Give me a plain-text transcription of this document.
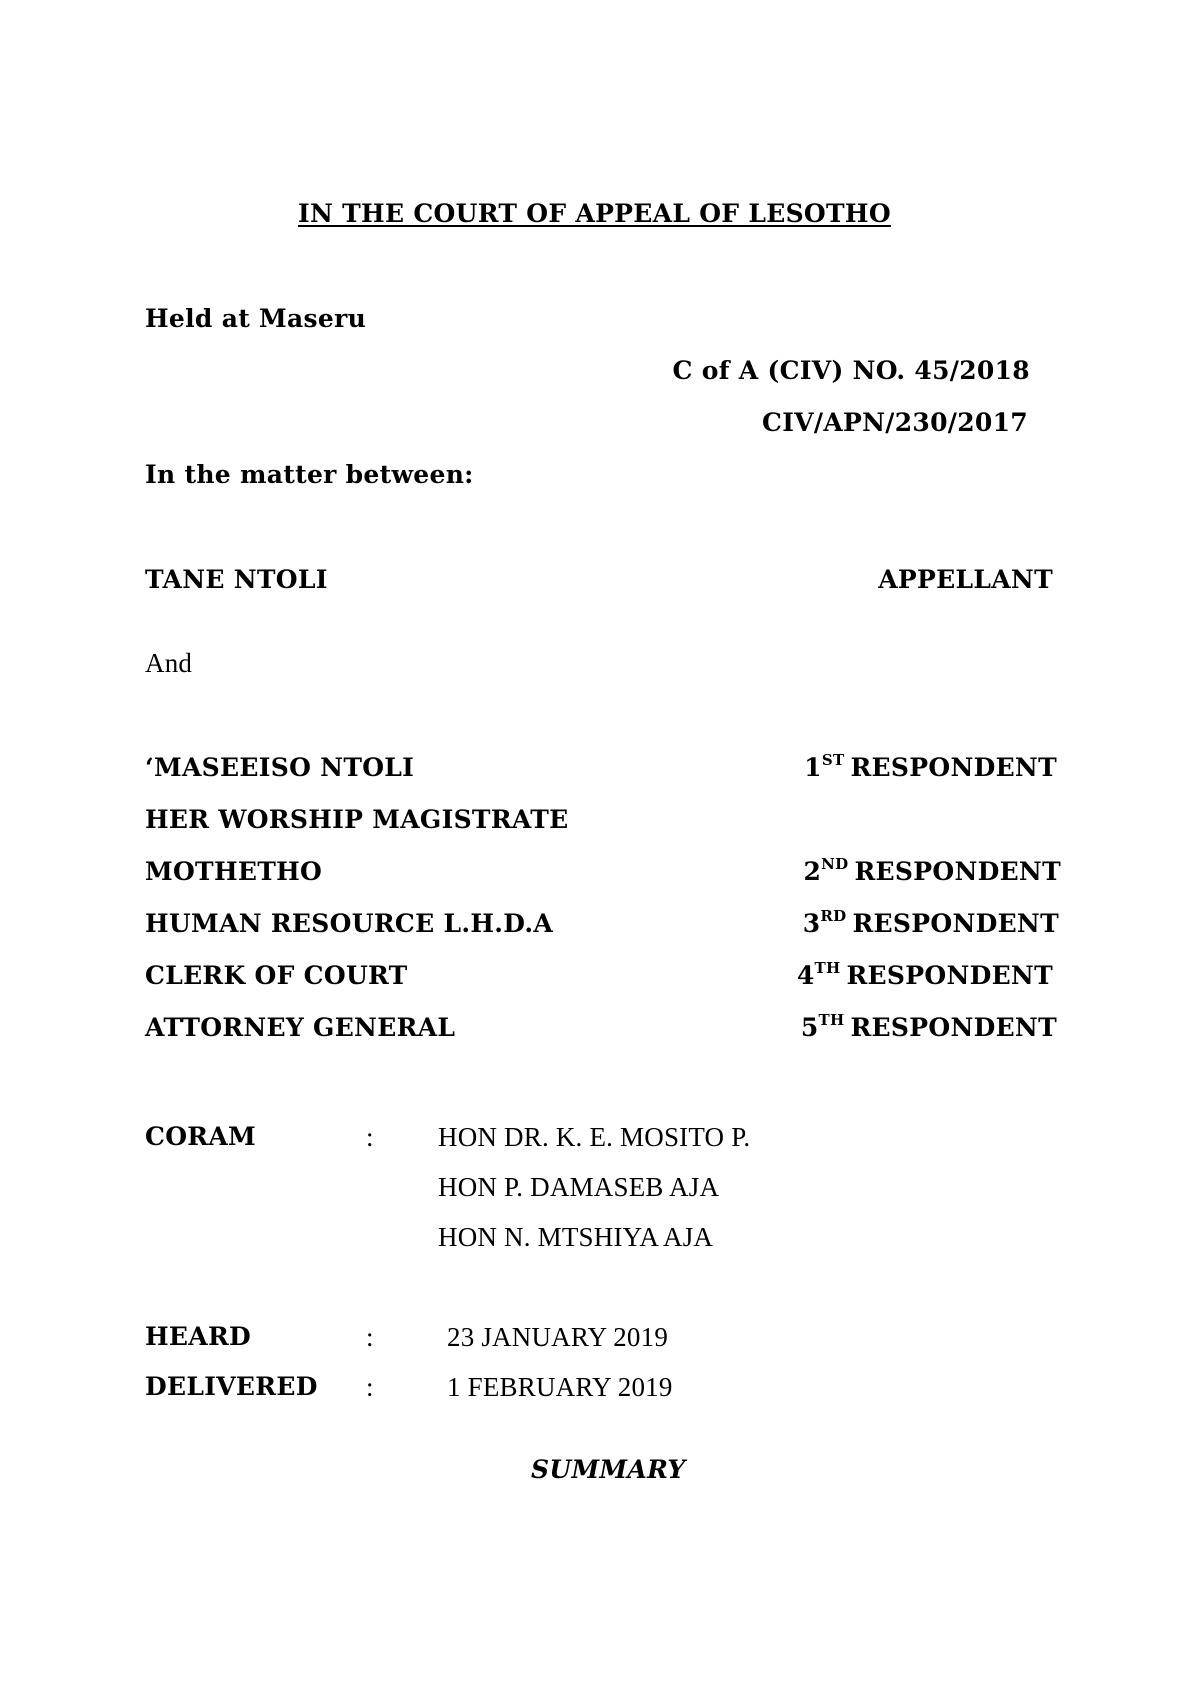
IN THE COURT OF APPEAL OF LESOTHO
Held at Maseru
C of A (CIV) NO. 45/2018
CIV/APN/230/2017
In the matter between:
TANE NTOLI	APPELLANT
And
‘MASEEISO NTOLI	1ST RESPONDENT
HER WORSHIP MAGISTRATE
MOTHETHO	2ND RESPONDENT
HUMAN RESOURCE L.H.D.A	3RD RESPONDENT
CLERK OF COURT	4TH RESPONDENT
ATTORNEY GENERAL	5TH RESPONDENT
CORAM	: HON DR. K. E. MOSITO P.
HON P. DAMASEB AJA
HON N. MTSHIYA AJA
HEARD	:	23 JANUARY 2019
DELIVERED :	1 FEBRUARY 2019
SUMMARY
